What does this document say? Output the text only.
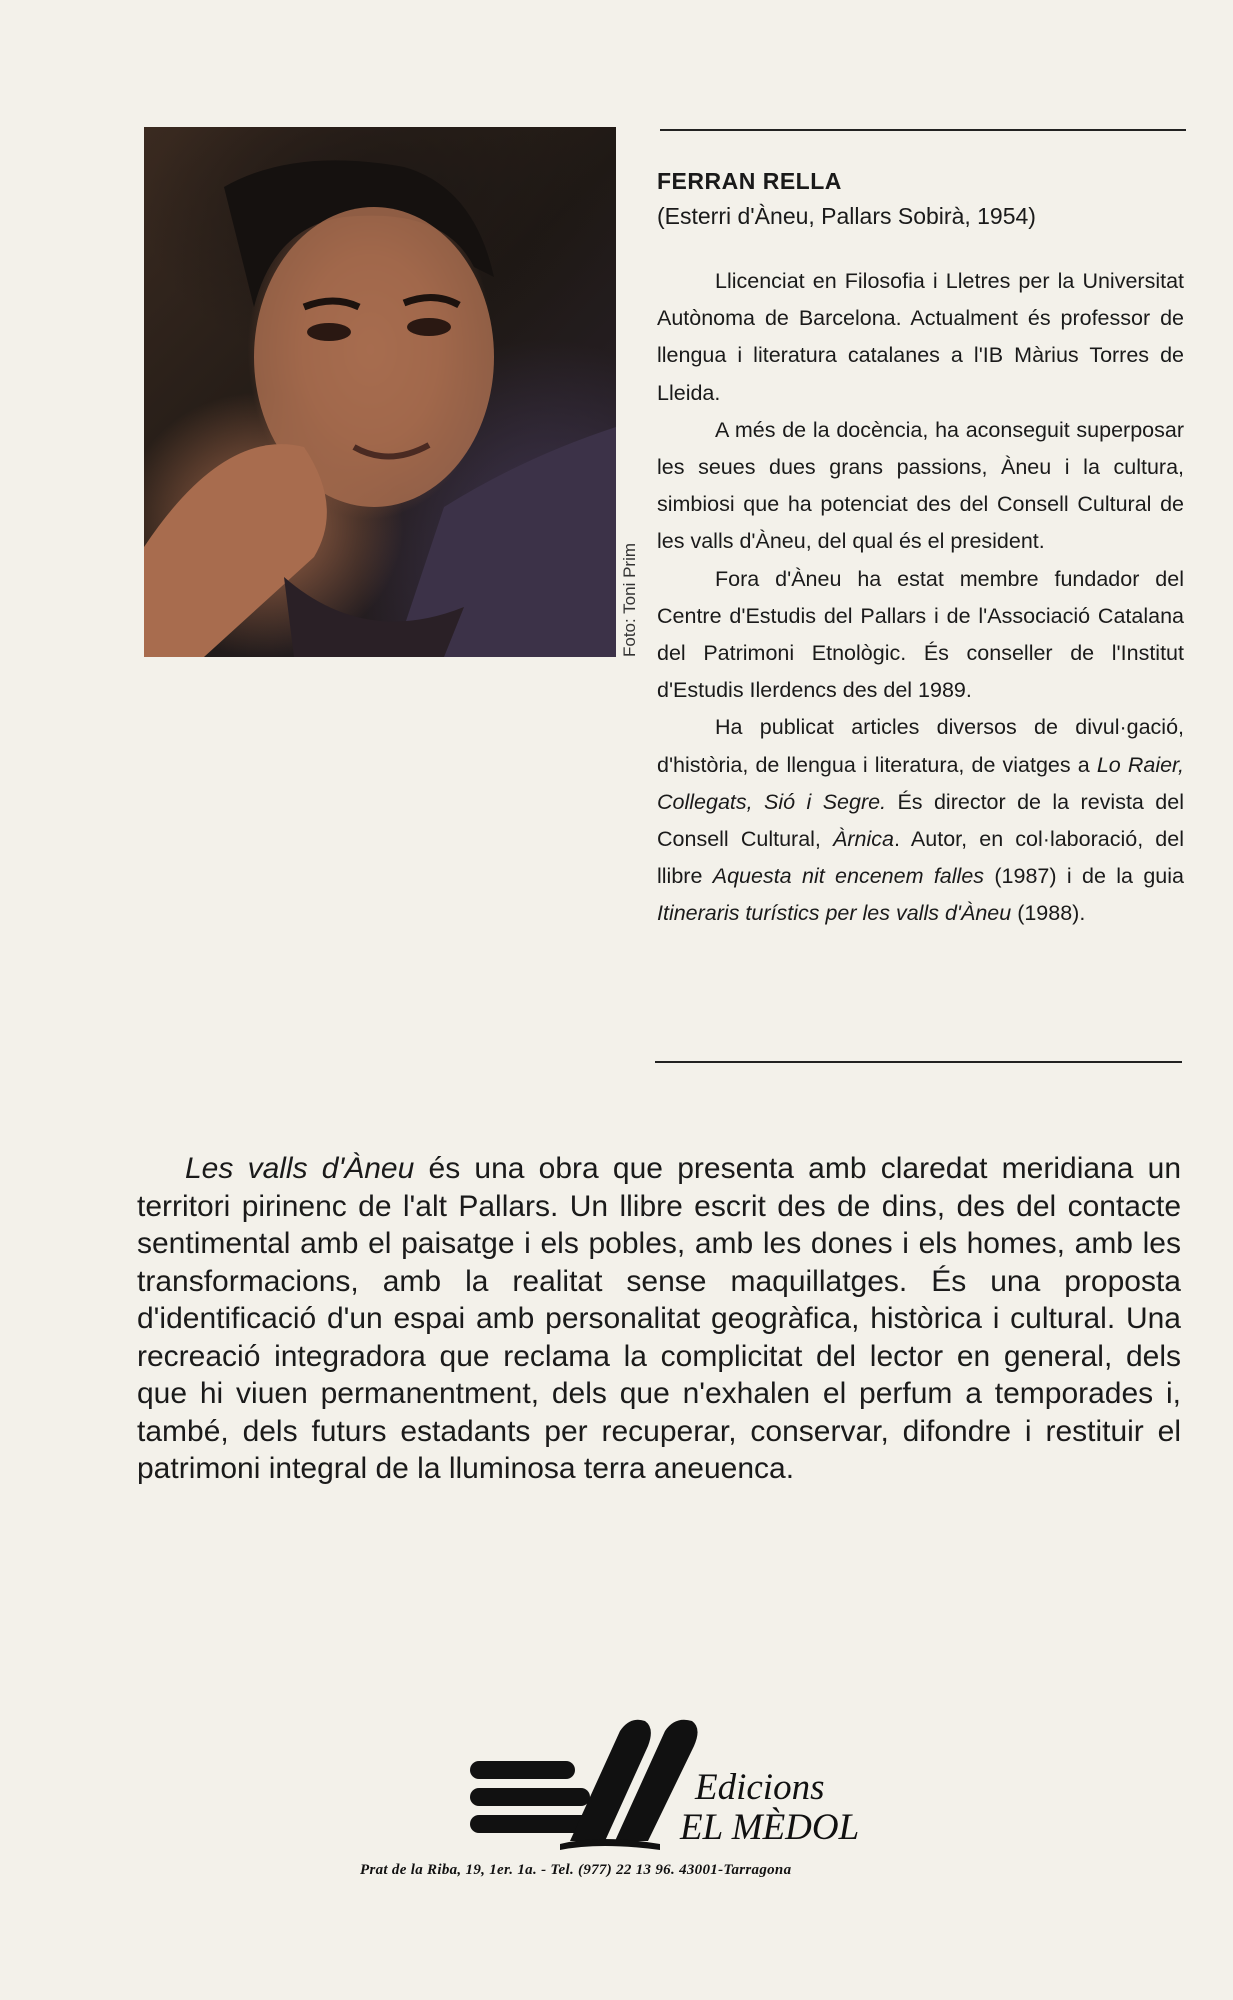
Foto: Toni Prim

FERRAN RELLA

(Esterri d'Àneu, Pallars Sobirà, 1954)

Llicenciat en Filosofia i Lletres per la Universitat Autònoma de Barcelona. Actualment és professor de llengua i literatura catalanes a l'IB Màrius Torres de Lleida.

A més de la docència, ha aconseguit superposar les seues dues grans passions, Àneu i la cultura, simbiosi que ha potenciat des del Consell Cultural de les valls d'Àneu, del qual és el president.

Fora d'Àneu ha estat membre fundador del Centre d'Estudis del Pallars i de l'Associació Catalana del Patrimoni Etnològic. És conseller de l'Institut d'Estudis Ilerdencs des del 1989.

Ha publicat articles diversos de divul·gació, d'història, de llengua i literatura, de viatges a Lo Raier, Collegats, Sió i Segre. És director de la revista del Consell Cultural, Àrnica. Autor, en col·laboració, del llibre Aquesta nit encenem falles (1987) i de la guia Itineraris turístics per les valls d'Àneu (1988).

Les valls d'Àneu és una obra que presenta amb claredat meridiana un territori pirinenc de l'alt Pallars. Un llibre escrit des de dins, des del contacte sentimental amb el paisatge i els pobles, amb les dones i els homes, amb les transformacions, amb la realitat sense maquillatges. És una proposta d'identificació d'un espai amb personalitat geogràfica, històrica i cultural. Una recreació integradora que reclama la complicitat del lector en general, dels que hi viuen permanentment, dels que n'exhalen el perfum a temporades i, també, dels futurs estadants per recuperar, conservar, difondre i restituir el patrimoni integral de la lluminosa terra aneuenca.

Edicions
EL MÈDOL
Prat de la Riba, 19, 1er. 1a. - Tel. (977) 22 13 96. 43001-Tarragona
